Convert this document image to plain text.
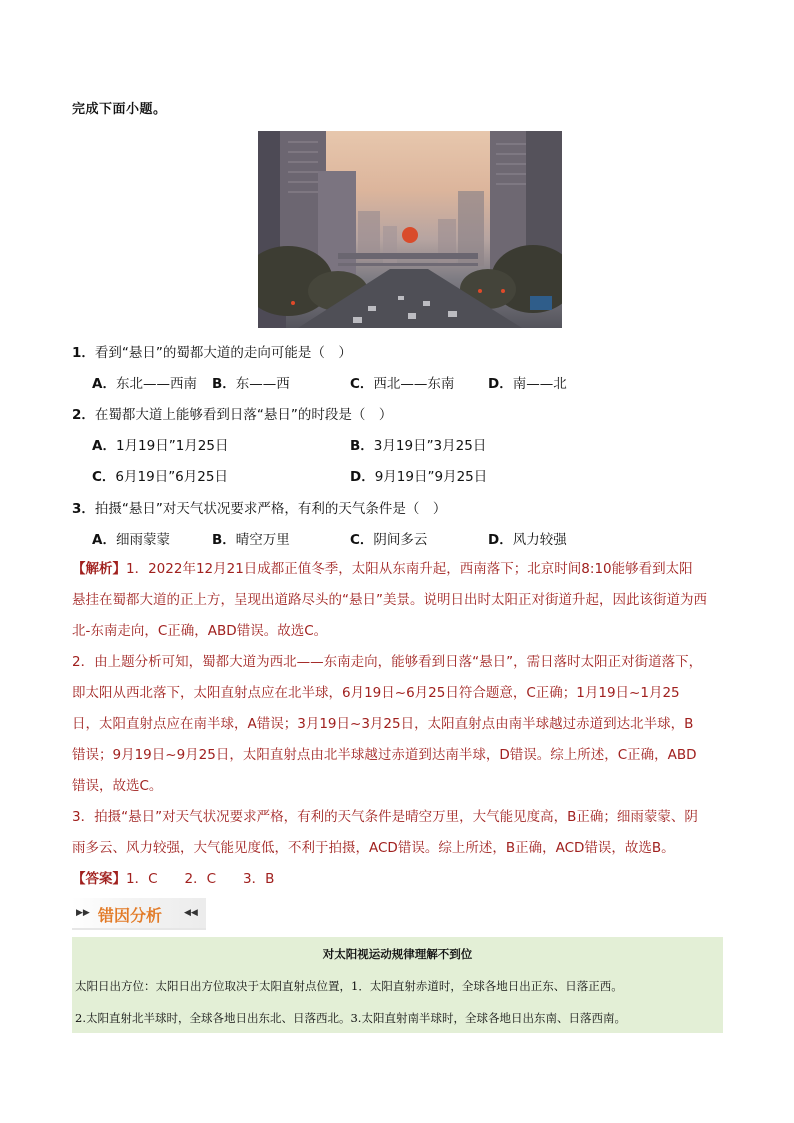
完成下面小题。
1．看到“悬日”的蜀都大道的走向可能是（　）
A．东北——西南 B．东——西	C．西北——东南 D．南——北
2．在蜀都大道上能够看到日落“悬日”的时段是（　）
A．1月19日”1月25日	B．3月19日”3月25日
C．6月19日”6月25日	D．9月19日”9月25日
3．拍摄“悬日”对天气状况要求严格，有利的天气条件是（　）
A．细雨蒙蒙	B．晴空万里	C．阴间多云	D．风力较强
【解析】1．2022年12月21日成都正值冬季，太阳从东南升起，西南落下；北京时间8:10能够看到太阳
悬挂在蜀都大道的正上方，呈现出道路尽头的“悬日”美景。说明日出时太阳正对街道升起，因此该街道为西
北-东南走向，C正确，ABD错误。故选C。
2．由上题分析可知，蜀都大道为西北——东南走向，能够看到日落“悬日”，需日落时太阳正对街道落下，
即太阳从西北落下，太阳直射点应在北半球，6月19日~6月25日符合题意，C正确；1月19日~1月25
日，太阳直射点应在南半球，A错误；3月19日~3月25日，太阳直射点由南半球越过赤道到达北半球，B
错误；9月19日~9月25日，太阳直射点由北半球越过赤道到达南半球，D错误。综上所述，C正确，ABD
错误，故选C。
3．拍摄“悬日”对天气状况要求严格，有利的天气条件是晴空万里，大气能见度高，B正确；细雨蒙蒙、阴
雨多云、风力较强，大气能见度低，不利于拍摄，ACD错误。综上所述，B正确，ACD错误，故选B。
【答案】1．C　　2．C　　3．B
▶▶ 错因分析 ◀◀
对太阳视运动规律理解不到位
太阳日出方位：太阳日出方位取决于太阳直射点位置，1．太阳直射赤道时，全球各地日出正东、日落正西。
2.太阳直射北半球时，全球各地日出东北、日落西北。3.太阳直射南半球时，全球各地日出东南、日落西南。
